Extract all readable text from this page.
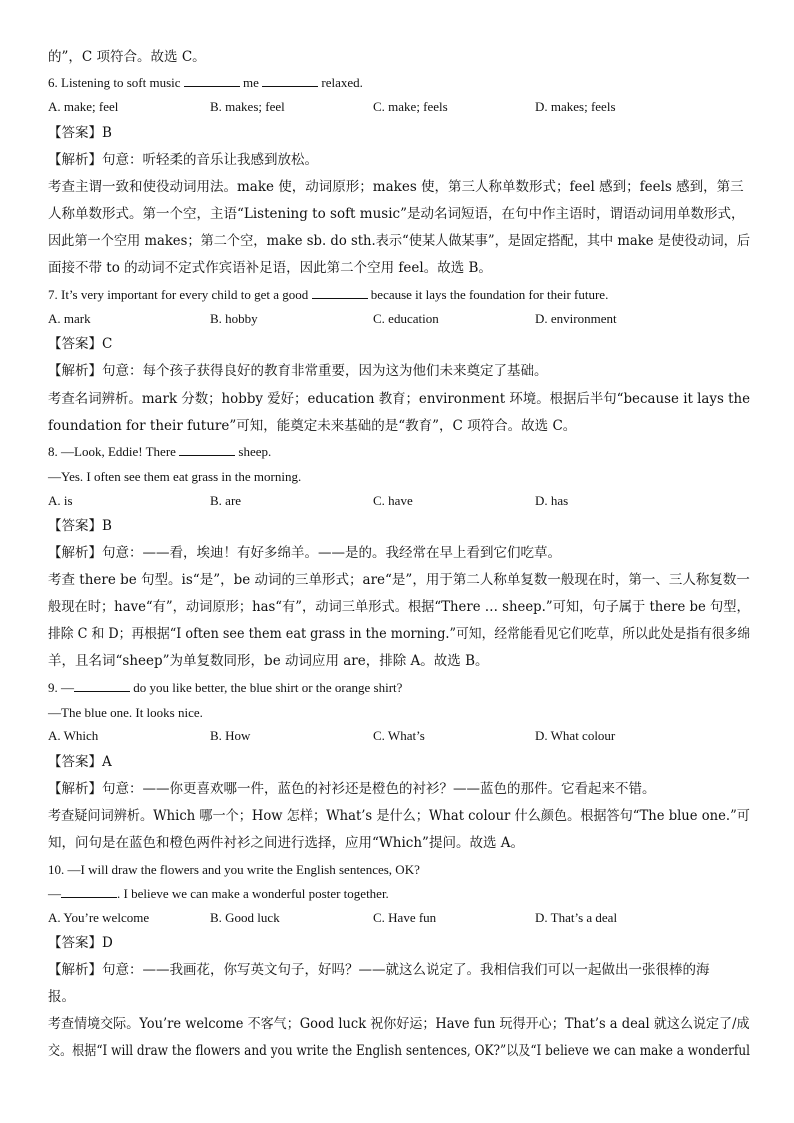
的”，C 项符合。故选 C。
6. Listening to soft music	me	relaxed.
A. make; feel	B. makes; feel	C. make; feels	D. makes; feels
【答案】B
【解析】句意：听轻柔的音乐让我感到放松。
考查主谓一致和使役动词用法。make 使，动词原形；makes 使，第三人称单数形式；feel 感到；feels 感到，第三
人称单数形式。第一个空，主语“Listening to soft music”是动名词短语，在句中作主语时，谓语动词用单数形式，
因此第一个空用 makes；第二个空，make sb. do sth.表示“使某人做某事”，是固定搭配，其中 make 是使役动词，后
面接不带 to 的动词不定式作宾语补足语，因此第二个空用 feel。故选 B。
7. It’s very important for every child to get a good	because it lays the foundation for their future.
A. mark	B. hobby	C. education	D. environment
【答案】C
【解析】句意：每个孩子获得良好的教育非常重要，因为这为他们未来奠定了基础。
考查名词辨析。mark 分数；hobby 爱好；education 教育；environment 环境。根据后半句“because it lays the
foundation for their future”可知，能奠定未来基础的是“教育”，C 项符合。故选 C。
8. —Look, Eddie! There	sheep.
—Yes. I often see them eat grass in the morning.
A. is	B. are	C. have	D. has
【答案】B
【解析】句意：——看，埃迪！有好多绵羊。——是的。我经常在早上看到它们吃草。
考查 there be 句型。is“是”，be 动词的三单形式；are“是”，用于第二人称单复数一般现在时，第一、三人称复数一
般现在时；have“有”，动词原形；has“有”，动词三单形式。根据“There … sheep.”可知，句子属于 there be 句型，
排除 C 和 D；再根据“I often see them eat grass in the morning.”可知，经常能看见它们吃草，所以此处是指有很多绵
羊，且名词“sheep”为单复数同形，be 动词应用 are，排除 A。故选 B。
9. —	do you like better, the blue shirt or the orange shirt?
—The blue one. It looks nice.
A. Which	B. How	C. What’s	D. What colour
【答案】A
【解析】句意：——你更喜欢哪一件，蓝色的衬衫还是橙色的衬衫？——蓝色的那件。它看起来不错。
考查疑问词辨析。Which 哪一个；How 怎样；What’s 是什么；What colour 什么颜色。根据答句“The blue one.”可
知，问句是在蓝色和橙色两件衬衫之间进行选择，应用“Which”提问。故选 A。
10. —I will draw the flowers and you write the English sentences, OK?
—	. I believe we can make a wonderful poster together.
A. You’re welcome	B. Good luck	C. Have fun	D. That’s a deal
【答案】D
【解析】句意：——我画花，你写英文句子，好吗？——就这么说定了。我相信我们可以一起做出一张很棒的海
报。
考查情境交际。You’re welcome 不客气；Good luck 祝你好运；Have fun 玩得开心；That’s a deal 就这么说定了/成
交。根据“I will draw the flowers and you write the English sentences, OK?”以及“I believe we can make a wonderful
